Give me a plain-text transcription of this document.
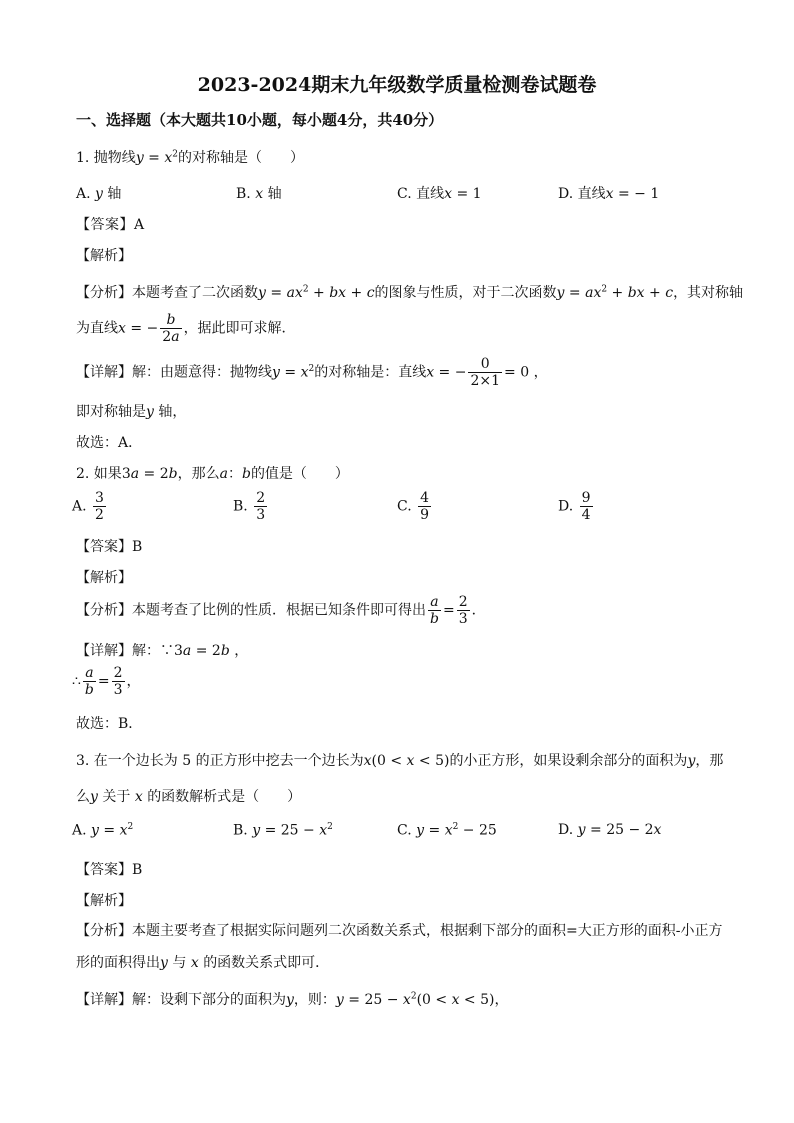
2023-2024期末九年级数学质量检测卷试题卷
一、选择题（本大题共10小题，每小题4分，共40分）
1. 抛物线$y = x^2$的对称轴是（　　）
A. y 轴	B. x 轴	C. 直线x = 1	D. 直线x = − 1
【答案】A
【解析】
【分析】本题考查了二次函数$y = ax^2$ + bx + c的图象与性质，对于二次函数$y = ax^2$ + bx + c，其对称轴
为直线x = − $\frac{b}{2a}$ ，据此即可求解．
【详解】解：由题意得：抛物线$y = x^2$的对称轴是：直线x = − $\frac{0}{2\times 1} = 0$ ，
即对称轴是y 轴，
故选：A．
2. 如果3a = 2b，那么a：b的值是（　　）
A. $\frac{3}{2}$	B. $\frac{2}{3}$	C. $\frac{4}{9}$	D. $\frac{9}{4}$
【答案】B
【解析】
【分析】本题考查了比例的性质．根据已知条件即可得出 $\frac{a}{b} = \frac{2}{3}$ ．
【详解】解：∵3a = 2b ，
∴ $\frac{a}{b} = \frac{2}{3}$ ，
故选：B．
3. 在一个边长为 5 的正方形中挖去一个边长为x(0 < x < 5)的小正方形，如果设剩余部分的面积为y，那
么y 关于 x 的函数解析式是（　　）
A. $y = x^2$	B. $y = 25 - x^2$	C. $y = x^2 - 25$	D. y = 25 − 2x
【答案】B
【解析】
【分析】本题主要考查了根据实际问题列二次函数关系式，根据剩下部分的面积=大正方形的面积-小正方
形的面积得出y 与 x 的函数关系式即可．
【详解】解：设剩下部分的面积为y，则：$y = 25 - x^2(0 < x < 5)$，
